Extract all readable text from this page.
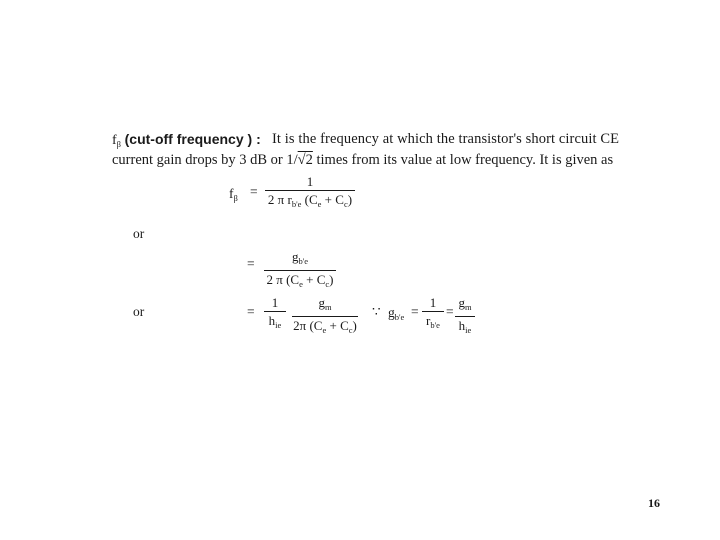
$f_\beta$ (cut-off frequency ) : It is the frequency at which the transistor's short circuit CE
current gain drops by 3 dB or 1/√2 times from its value at low frequency. It is given as
$f_\beta$ =
1
2 π $r_{b'e}$ $(C_e + C_c)$
or
=	$g_{b'e}$
2 π $(C_e + C_c)$
or	=
1
$h_{ie}$
$g_m$
2π $(C_e + C_c)$
∵ $g_{b'e}$ =
1
$r_{b'e}$
=
$g_m$
$h_{ie}$
16
